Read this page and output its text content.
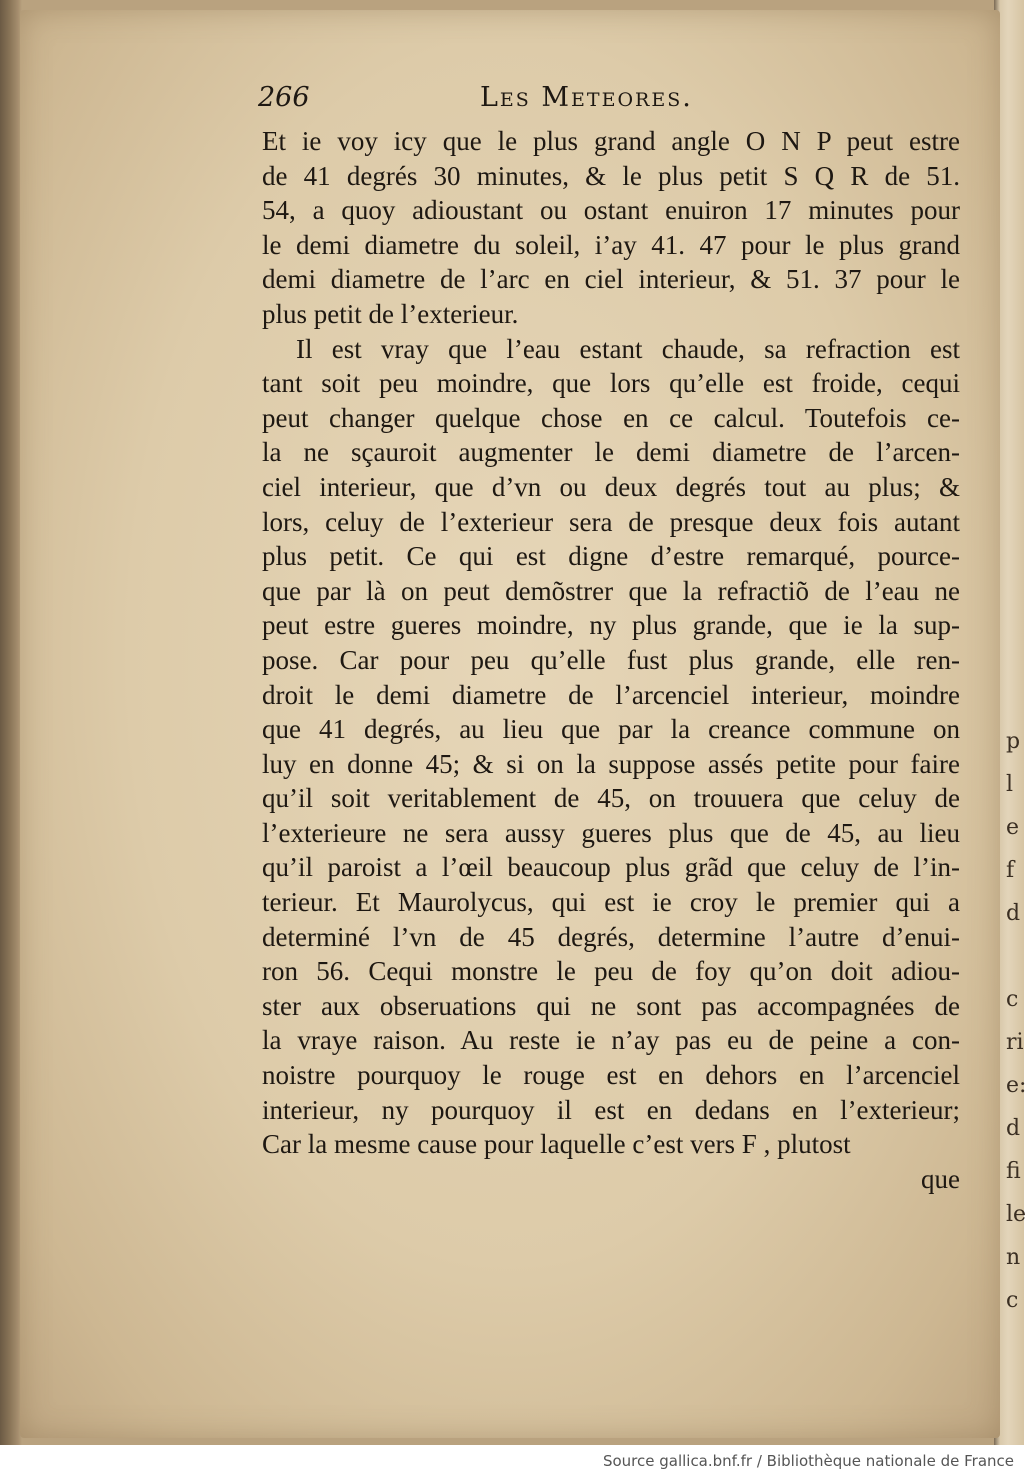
p
l
e
f
d
c
ri
e:
d
fi
le
n
c
266	Les Meteores.
Et ie voy icy que le plus grand angle O N P peut estre
de 41 degrés 30 minutes, & le plus petit S Q R de 51.
54, a quoy adioustant ou ostant enuiron 17 minutes pour
le demi diametre du soleil, i’ay 41. 47 pour le plus grand
demi diametre de l’arc en ciel interieur, & 51. 37 pour le
plus petit de l’exterieur.
Il est vray que l’eau estant chaude, sa refraction est
tant soit peu moindre, que lors qu’elle est froide, cequi
peut changer quelque chose en ce calcul. Toutefois ce-
la ne sçauroit augmenter le demi diametre de l’arcen-
ciel interieur, que d’vn ou deux degrés tout au plus; &
lors, celuy de l’exterieur sera de presque deux fois autant
plus petit. Ce qui est digne d’estre remarqué, pource-
que par là on peut demõstrer que la refractiõ de l’eau ne
peut estre gueres moindre, ny plus grande, que ie la sup-
pose. Car pour peu qu’elle fust plus grande, elle ren-
droit le demi diametre de l’arcenciel interieur, moindre
que 41 degrés, au lieu que par la creance commune on
luy en donne 45; & si on la suppose assés petite pour faire
qu’il soit veritablement de 45, on trouuera que celuy de
l’exterieure ne sera aussy gueres plus que de 45, au lieu
qu’il paroist a l’œil beaucoup plus grãd que celuy de l’in-
terieur. Et Maurolycus, qui est ie croy le premier qui a
determiné l’vn de 45 degrés, determine l’autre d’enui-
ron 56. Cequi monstre le peu de foy qu’on doit adiou-
ster aux obseruations qui ne sont pas accompagnées de
la vraye raison. Au reste ie n’ay pas eu de peine a con-
noistre pourquoy le rouge est en dehors en l’arcenciel
interieur, ny pourquoy il est en dedans en l’exterieur;
Car la mesme cause pour laquelle c’est vers F , plutost
que
Source gallica.bnf.fr / Bibliothèque nationale de France
